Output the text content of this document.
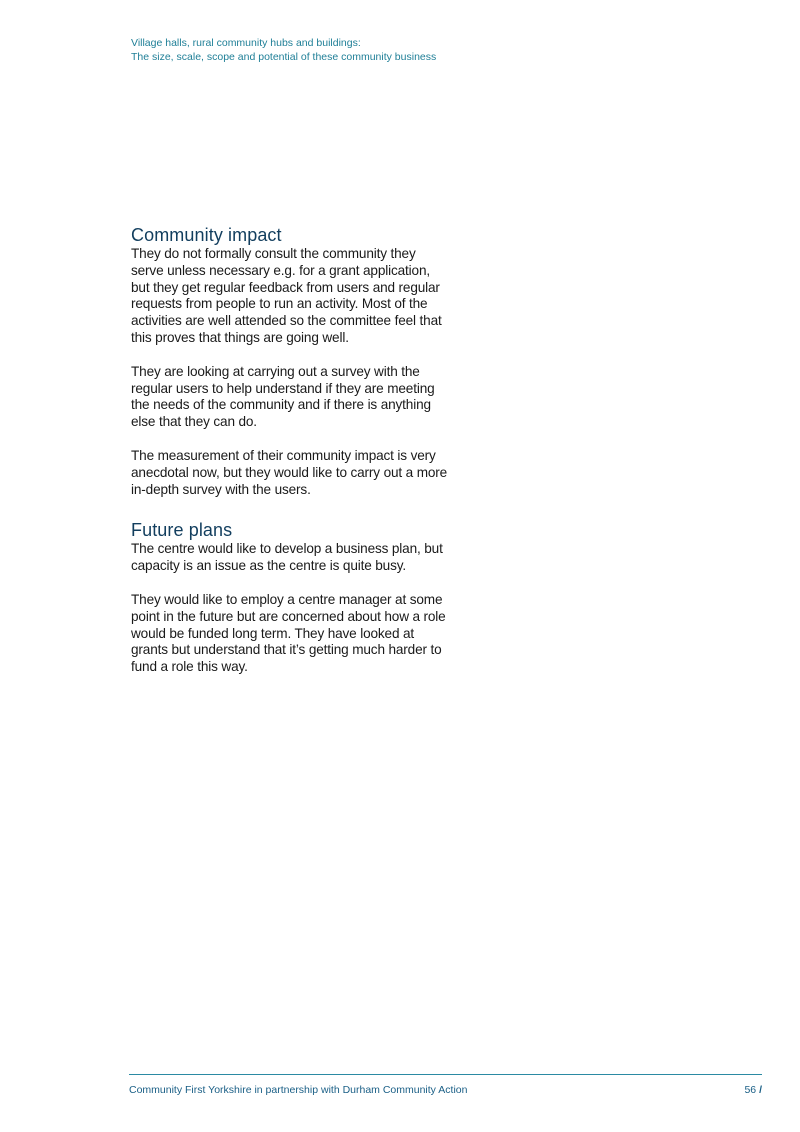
Village halls, rural community hubs and buildings:
The size, scale, scope and potential of these community business
Community impact

They do not formally consult the community they serve unless necessary e.g. for a grant application, but they get regular feedback from users and regular requests from people to run an activity. Most of the activities are well attended so the committee feel that this proves that things are going well.

They are looking at carrying out a survey with the regular users to help understand if they are meeting the needs of the community and if there is anything else that they can do.

The measurement of their community impact is very anecdotal now, but they would like to carry out a more in-depth survey with the users.

Future plans

The centre would like to develop a business plan, but capacity is an issue as the centre is quite busy.

They would like to employ a centre manager at some point in the future but are concerned about how a role would be funded long term. They have looked at grants but understand that it’s getting much harder to fund a role this way.

Community First Yorkshire in partnership with Durham Community Action	56 /
